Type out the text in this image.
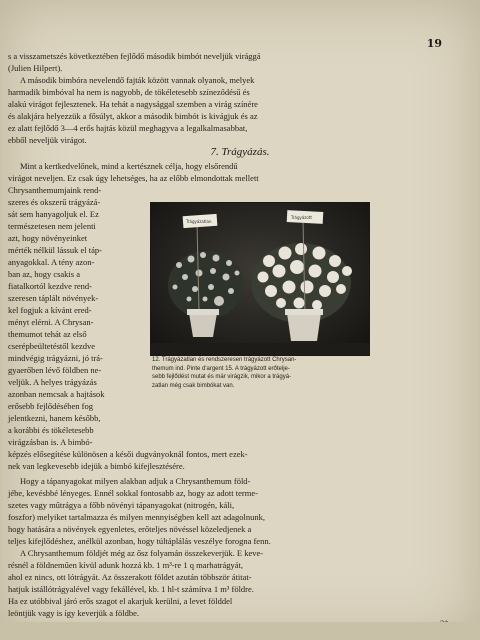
19
s a visszametszés következtében fejlődő második bimbót neveljük virággá
(Julien Hilpert).
A második bimbóra nevelendő fajták között vannak olyanok, melyek
harmadik bimbóval ha nem is nagyobb, de tökéletesebb színeződésű és
alakú virágot fejlesztenek. Ha tehát a nagysággal szemben a virág színére
és alakjára helyezzük a fősúlyt, akkor a második bimbót is kivágjuk és az
ez alatt fejlődő 3—4 erős hajtás közül meghagyva a legalkalmasabbat,
ebből neveljük virágot.
Mint a kertkedvelőnek, mind a kertésznek célja, hogy elsőrendű
virágot neveljen. Ez csak úgy lehetséges, ha az előbb elmondottak mellett
Chrysanthemumjaink rend-
szeres és okszerű trágyázá-
sát sem hanyagoljuk el. Ez
természetesen nem jelenti
azt, hogy növényeinket
mérték nélkül lássuk el táp-
anyagokkal. A tény azon-
ban az, hogy csakis a
fiatalkortól kezdve rend-
szeresen táplált növények-
kel fogjuk a kívánt ered-
ményt elérni. A Chrysan-
themumot tehát az első
cserépbeültetéstől kezdve
mindvégig trágyázni, jó trá-
gyaerőben lévő földben ne-
veljük. A helyes trágyázás
azonban nemcsak a hajtások
erősebb fejlődésében fog
jelentkezni, hanem később,
a korábbi és tökéletesebb
virágzásban is. A bimbó-
képzés elősegítése különösen a késői dugványoknál fontos, mert ezek-
nek van legkevesebb idejük a bimbó kifejlesztésére.
Hogy a tápanyagokat milyen alakban adjuk a Chrysanthemum föld-
jébe, kevésbbé lényeges. Ennél sokkal fontosabb az, hogy az adott terme-
szetes vagy műtrágya a főbb növényi tápanyagokat (nitrogén, káli,
foszfor) melyiket tartalmazza és milyen mennyiségben kell azt adagolnunk,
hogy hatására a növények egyenletes, erőteljes növéssel közeledjenek a
teljes kifejlődéshez, anélkül azonban, hogy túltáplálás veszélye forogna fenn.
A Chrysanthemum földjét még az ősz folyamán összekeverjük. E keve-
résnél a földneműen kívül adunk hozzá kb. 1 m³-re 1 q marhatrágyát,
ahol ez nincs, ott lótrágyát. Az összerakott földet azután többször átitat-
hatjuk istállótrágyalével vagy fekállével, kb. 1 hl-t számítva 1 m³ földre.
Ha ez utóbbival járó erős szagot el akarjuk kerülni, a levet földdel
leöntjük vagy is így keverjük a földbe.
7. Trágyázás.
Trágyázatlan
Trágyázott
12. Trágyázatlan és rendszeresen trágyázott Chrysan-
themum ind. Pinte d'argent 15. A trágyázott erőteljе-
sebb fejlődést mutat és már virágzik, mikor a trágyá-
zatlan még csak bimbókat van.
